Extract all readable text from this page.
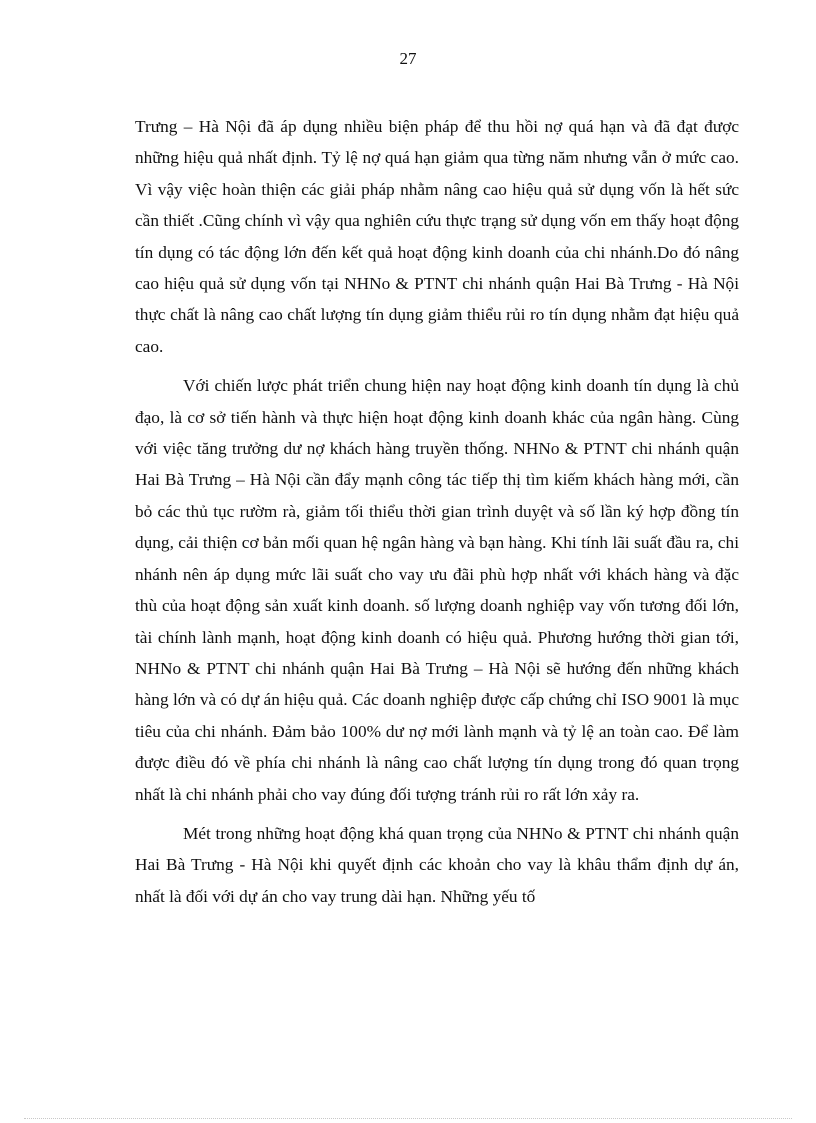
27

Trưng – Hà Nội đã áp dụng nhiều biện pháp để thu hồi nợ quá hạn và đã đạt được những hiệu quả nhất định. Tỷ lệ nợ quá hạn giảm qua từng năm nhưng vẫn ở mức cao. Vì vậy việc hoàn thiện các giải pháp nhằm nâng cao hiệu quả sử dụng vốn là hết sức cần thiết .Cũng chính vì vậy qua nghiên cứu thực trạng sử dụng vốn em thấy hoạt động tín dụng có tác động lớn đến kết quả hoạt động kinh doanh của chi nhánh.Do đó nâng cao hiệu quả sử dụng vốn tại NHNo & PTNT chi nhánh quận Hai Bà Trưng - Hà Nội thực chất là nâng cao chất lượng tín dụng giảm thiểu rủi ro tín dụng nhằm đạt hiệu quả cao.

Với chiến lược phát triển chung hiện nay hoạt động kinh doanh tín dụng là chủ đạo, là cơ sở tiến hành và thực hiện hoạt động kinh doanh khác của ngân hàng. Cùng với việc tăng trưởng dư nợ khách hàng truyền thống. NHNo & PTNT chi nhánh quận Hai Bà Trưng – Hà Nội cần đẩy mạnh công tác tiếp thị tìm kiếm khách hàng mới, cần bỏ các thủ tục rườm rà, giảm tối thiểu thời gian trình duyệt và số lần ký hợp đồng tín dụng, cải thiện cơ bản mối quan hệ ngân hàng và bạn hàng. Khi tính lãi suất đầu ra, chi nhánh nên áp dụng mức lãi suất cho vay ưu đãi phù hợp nhất với khách hàng và đặc thù của hoạt động sản xuất kinh doanh. số lượng doanh nghiệp vay vốn tương đối lớn, tài chính lành mạnh, hoạt động kinh doanh có hiệu quả. Phương hướng thời gian tới, NHNo & PTNT chi nhánh quận Hai Bà Trưng – Hà Nội sẽ hướng đến những khách hàng lớn và có dự án hiệu quả. Các doanh nghiệp được cấp chứng chỉ ISO 9001 là mục tiêu của chi nhánh. Đảm bảo 100% dư nợ mới lành mạnh và tỷ lệ an toàn cao. Để làm được điều đó về phía chi nhánh là nâng cao chất lượng tín dụng trong đó quan trọng nhất là chi nhánh phải cho vay đúng đối tượng tránh rủi ro rất lớn xảy ra.

Mét trong những hoạt động khá quan trọng của NHNo & PTNT chi nhánh quận Hai Bà Trưng - Hà Nội khi quyết định các khoản cho vay là khâu thẩm định dự án, nhất là đối với dự án cho vay trung dài hạn. Những yếu tố
